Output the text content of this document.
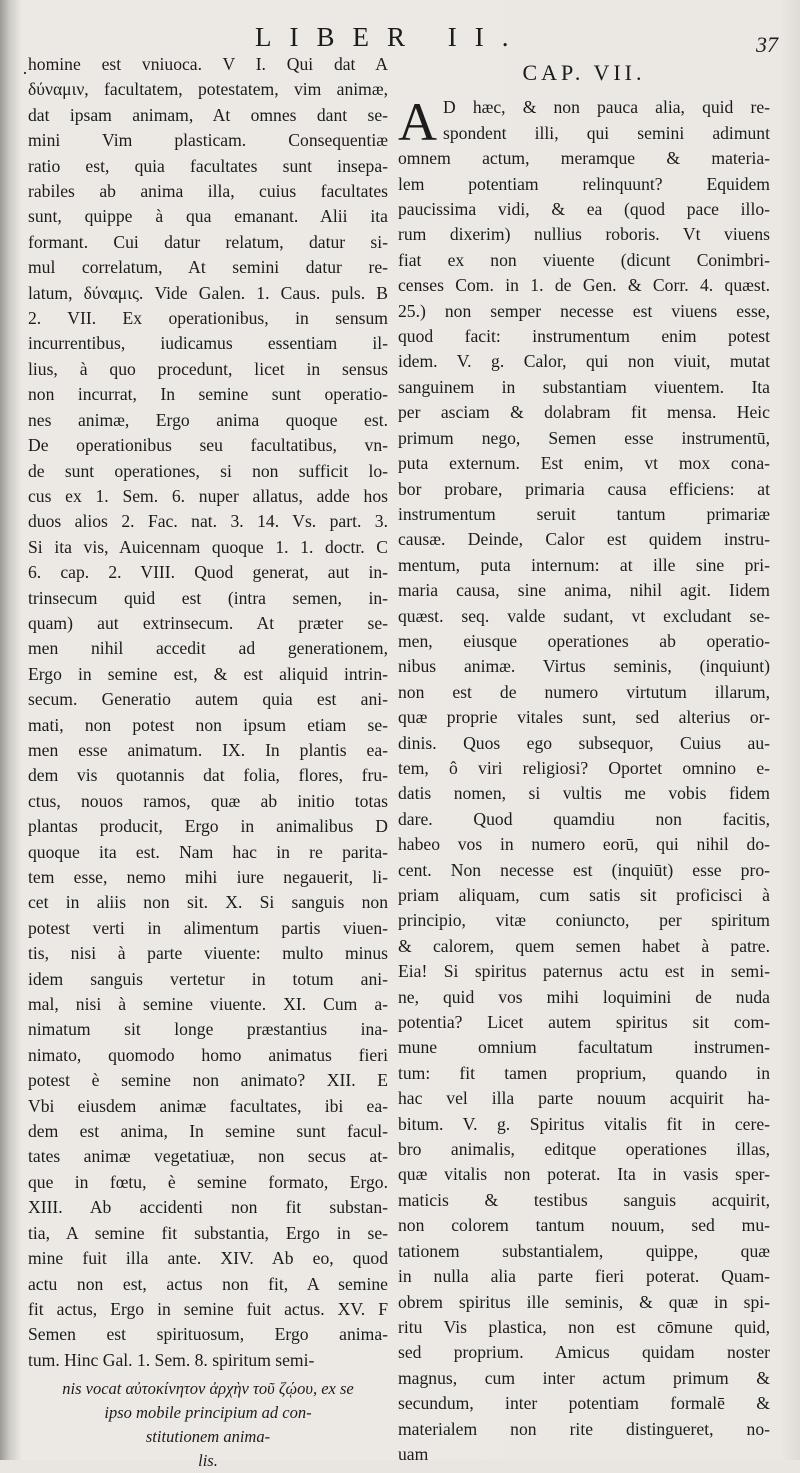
LIBER II.	37
· homine est vniuoca. V I. Qui dat A
δύναμιν, facultatem, potestatem, vim animæ,
dat ipsam animam, At omnes dant se-
mini Vim plasticam. Consequentiæ
ratio est, quia facultates sunt insepa-
rabiles ab anima illa, cuius facultates
sunt, quippe à qua emanant. Alii ita
formant. Cui datur relatum, datur si-
mul correlatum, At semini datur re-
latum, δύναμις. Vide Galen. 1. Caus. puls. B
2. VII. Ex operationibus, in sensum
incurrentibus, iudicamus essentiam il-
lius, à quo procedunt, licet in sensus
non incurrat, In semine sunt operatio-
nes animæ, Ergo anima quoque est.
De operationibus seu facultatibus, vn-
de sunt operationes, si non sufficit lo-
cus ex 1. Sem. 6. nuper allatus, adde hos
duos alios 2. Fac. nat. 3. 14. Vs. part. 3.
Si ita vis, Auicennam quoque 1. 1. doctr. C
6. cap. 2. VIII. Quod generat, aut in-
trinsecum quid est (intra semen, in-
quam) aut extrinsecum. At præter se-
men nihil accedit ad generationem,
Ergo in semine est, & est aliquid intrin-
secum. Generatio autem quia est ani-
mati, non potest non ipsum etiam se-
men esse animatum. IX. In plantis ea-
dem vis quotannis dat folia, flores, fru-
ctus, nouos ramos, quæ ab initio totas
plantas producit, Ergo in animalibus D
quoque ita est. Nam hac in re parita-
tem esse, nemo mihi iure negauerit, li-
cet in aliis non sit. X. Si sanguis non
potest verti in alimentum partis viuen-
tis, nisi à parte viuente: multo minus
idem sanguis vertetur in totum ani-
mal, nisi à semine viuente. XI. Cum a-
nimatum sit longe præstantius ina-
nimato, quomodo homo animatus fieri
potest è semine non animato? XII. E
Vbi eiusdem animæ facultates, ibi ea-
dem est anima, In semine sunt facul-
tates animæ vegetatiuæ, non secus at-
que in fœtu, è semine formato, Ergo.
XIII. Ab accidenti non fit substan-
tia, A semine fit substantia, Ergo in se-
mine fuit illa ante. XIV. Ab eo, quod
actu non est, actus non fit, A semine
fit actus, Ergo in semine fuit actus. XV. F
Semen est spirituosum, Ergo anima-
tum. Hinc Gal. 1. Sem. 8. spiritum semi-
nis vocat αὐτοκίνητον ἀρχὴν τοῦ ζῴου, ex se
ipso mobile principium ad con-
stitutionem anima-
lis.
CAP. VII.
A D hæc, & non pauca alia, quid re-
spondent illi, qui semini adimunt
omnem actum, meramque & materia-
lem potentiam relinquunt? Equidem
paucissima vidi, & ea (quod pace illo-
rum dixerim) nullius roboris. Vt viuens
fiat ex non viuente (dicunt Conimbri-
censes Com. in 1. de Gen. & Corr. 4. quæst.
25.) non semper necesse est viuens esse,
quod facit: instrumentum enim potest
idem. V. g. Calor, qui non viuit, mutat
sanguinem in substantiam viuentem. Ita
per asciam & dolabram fit mensa. Heic
primum nego, Semen esse instrumentū,
puta externum. Est enim, vt mox cona-
bor probare, primaria causa efficiens: at
instrumentum seruit tantum primariæ
causæ. Deinde, Calor est quidem instru-
mentum, puta internum: at ille sine pri-
maria causa, sine anima, nihil agit. Iidem
quæst. seq. valde sudant, vt excludant se-
men, eiusque operationes ab operatio-
nibus animæ. Virtus seminis, (inquiunt)
non est de numero virtutum illarum,
quæ proprie vitales sunt, sed alterius or-
dinis. Quos ego subsequor, Cuius au-
tem, ô viri religiosi? Oportet omnino e-
datis nomen, si vultis me vobis fidem
dare. Quod quamdiu non facitis,
habeo vos in numero eorū, qui nihil do-
cent. Non necesse est (inquiūt) esse pro-
priam aliquam, cum satis sit proficisci à
principio, vitæ coniuncto, per spiritum
& calorem, quem semen habet à patre.
Eia! Si spiritus paternus actu est in semi-
ne, quid vos mihi loquimini de nuda
potentia? Licet autem spiritus sit com-
mune omnium facultatum instrumen-
tum: fit tamen proprium, quando in
hac vel illa parte nouum acquirit ha-
bitum. V. g. Spiritus vitalis fit in cere-
bro animalis, editque operationes illas,
quæ vitalis non poterat. Ita in vasis sper-
maticis & testibus sanguis acquirit,
non colorem tantum nouum, sed mu-
tationem substantialem, quippe, quæ
in nulla alia parte fieri poterat. Quam-
obrem spiritus ille seminis, & quæ in spi-
ritu Vis plastica, non est cōmune quid,
sed proprium. Amicus quidam noster
magnus, cum inter actum primum &
secundum, inter potentiam formalē &
materialem non rite distingueret, no-
uam
